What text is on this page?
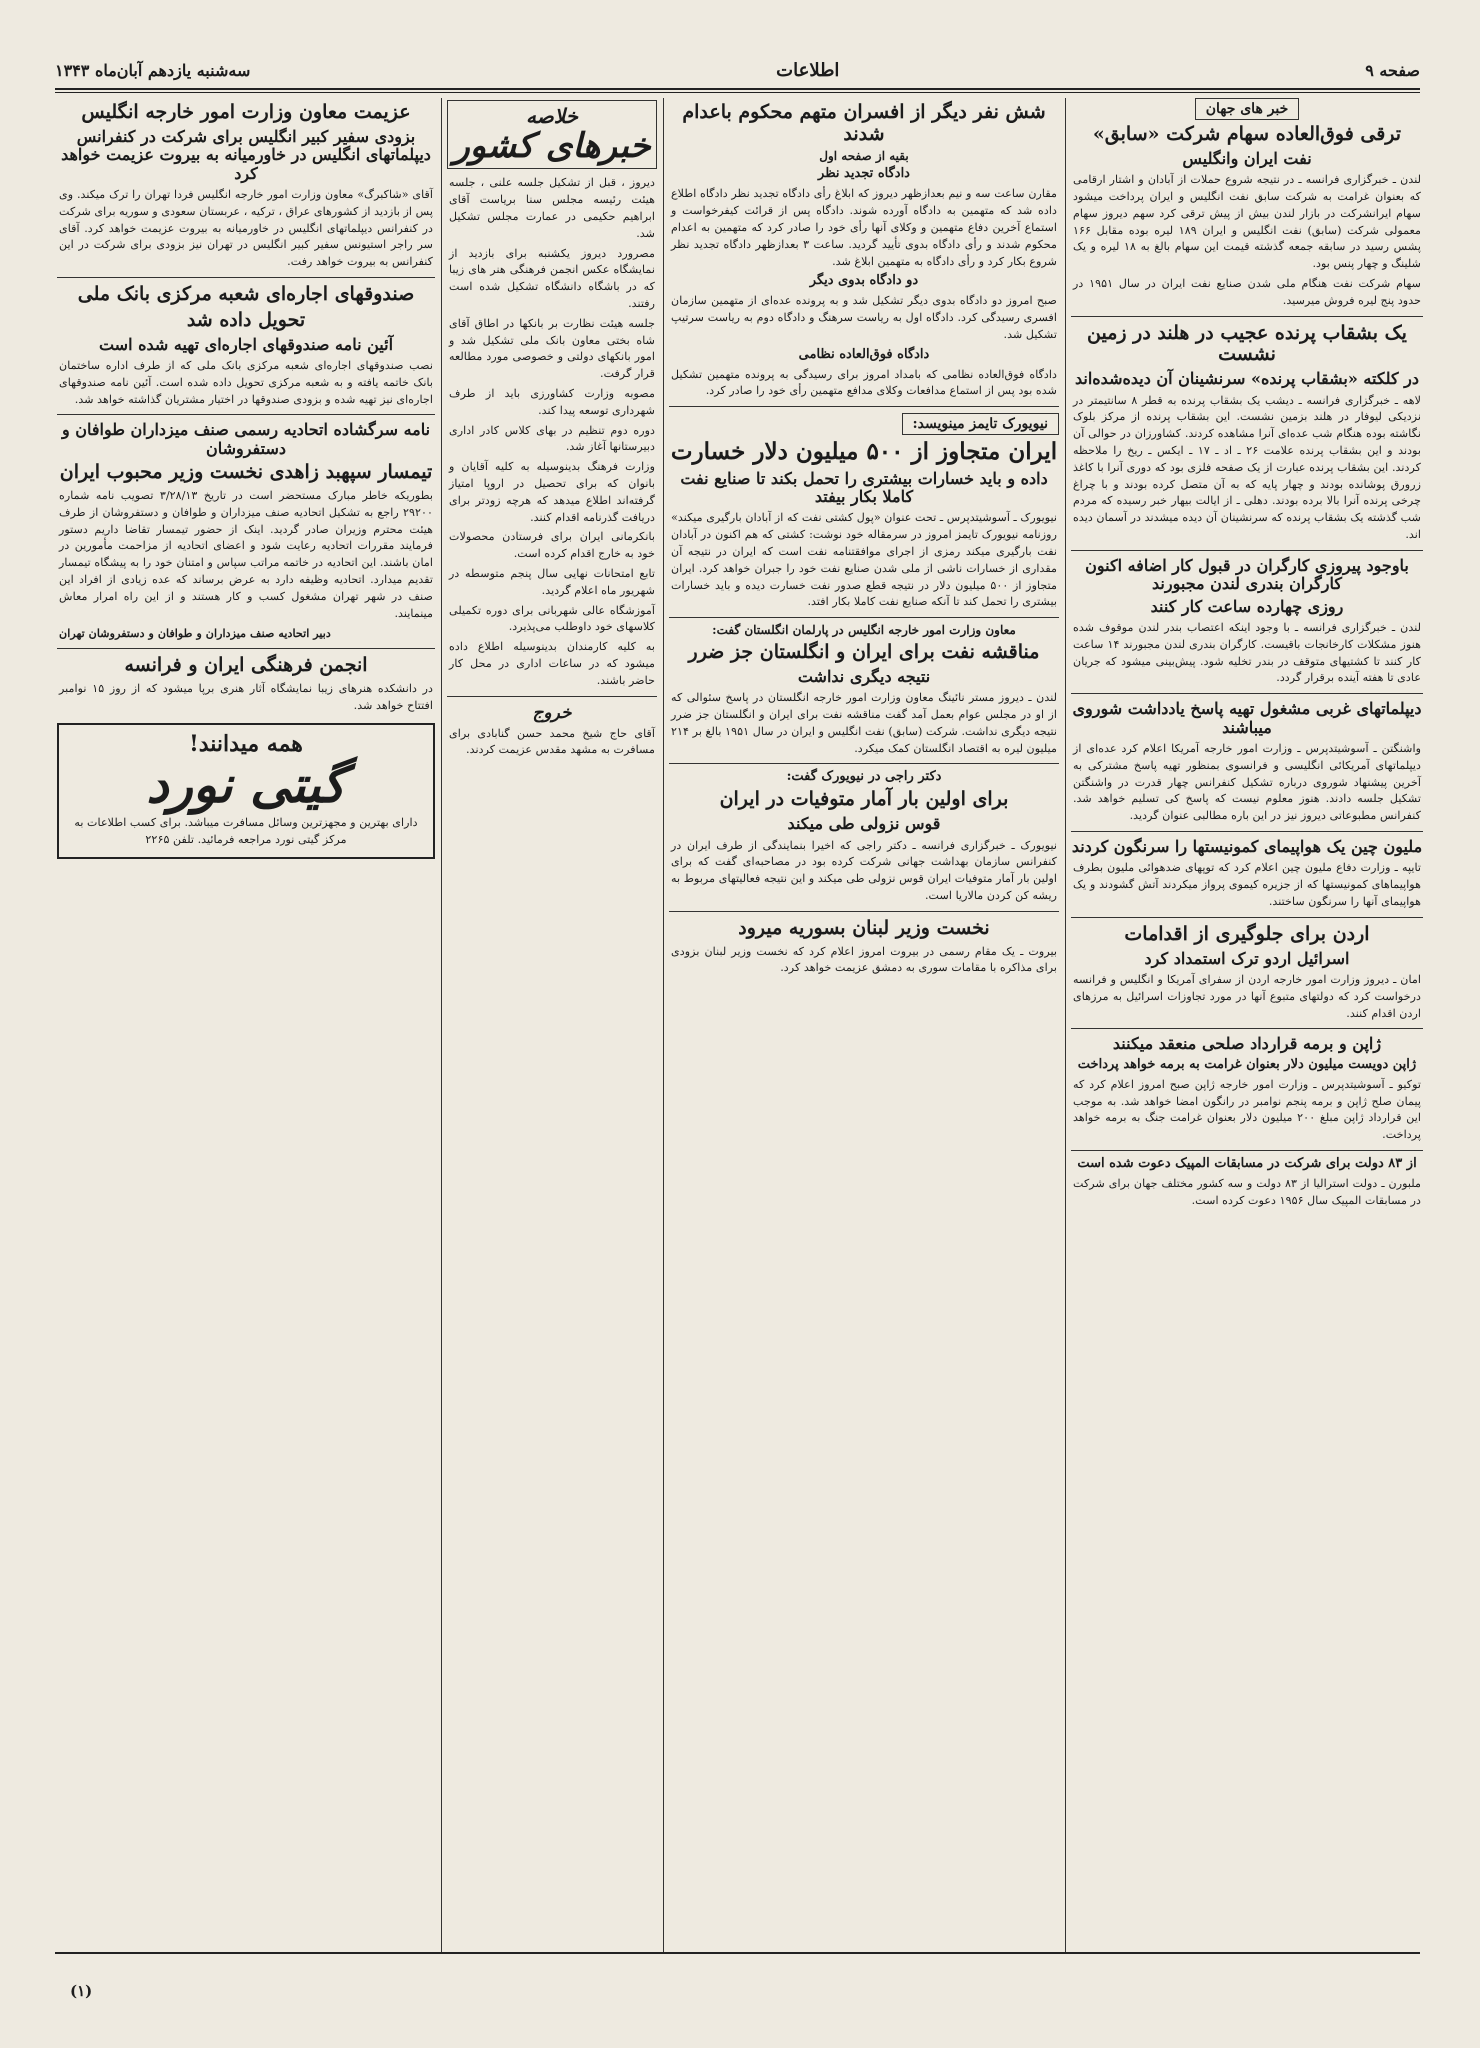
صفحه ۹
اطلاعات
سه‌شنبه یازدهم آبان‌ماه ۱۳۴۳
خبر های جهان
ترقی فوق‌العاده سهام شرکت «سابق»
نفت ایران وانگلیس

لندن ـ خبرگزاری فرانسه ـ در نتیجه شروع حملات از آبادان و اشتار ارقامی که بعنوان غرامت به شرکت سابق نفت انگلیس و ایران پرداخت میشود سهام ایرانشرکت در بازار لندن بیش از پیش ترقی کرد سهم دیروز سهام معمولی شرکت (سابق) نفت انگلیس و ایران ۱۸۹ لیره بوده مقابل ۱۶۶ پشس رسید در سابقه جمعه گذشته قیمت این سهام بالغ به ۱۸ لیره و یک شلینگ و چهار پنس بود.

سهام شرکت نفت هنگام ملی شدن صنایع نفت ایران در سال ۱۹۵۱ در حدود پنج لیره فروش میرسید.

یک بشقاب پرنده عجیب در هلند در زمین نشست
در کلکته «بشقاب پرنده» سرنشینان آن دیده‌شده‌اند

لاهه ـ خبرگزاری فرانسه ـ دیشب یک بشقاب پرنده به قطر ۸ سانتیمتر در نزدیکی لیوفار در هلند بزمین نشست. این بشقاب پرنده از مرکز بلوک نگاشته بوده هنگام شب عده‌ای آنرا مشاهده کردند. کشاورزان در حوالی آن بودند و این بشقاب پرنده علامت ۲۶ ـ اد ـ ۱۷ ـ ایکس ـ ریخ را ملاحظه کردند. این بشقاب پرنده عبارت از یک صفحه فلزی بود که دوری آنرا با کاغذ زرورق پوشانده بودند و چهار پایه که به آن متصل کرده بودند و با چراغ چرخی پرنده آنرا بالا برده بودند. دهلی ـ از ایالت بیهار خبر رسیده که مردم شب گذشته یک بشقاب پرنده که سرنشینان آن دیده میشدند در آسمان دیده اند.

باوجود پیروزی کارگران در قبول کار اضافه اکنون کارگران بندری لندن مجبورند
روزی چهارده ساعت کار کنند

لندن ـ خبرگزاری فرانسه ـ با وجود اینکه اعتصاب بندر لندن موقوف شده هنوز مشکلات کارخانجات باقیست. کارگران بندری لندن مجبورند ۱۴ ساعت کار کنند تا کشتیهای متوقف در بندر تخلیه شود. پیش‌بینی میشود که جریان عادی تا هفته آینده برقرار گردد.

دیپلماتهای غربی مشغول تهیه پاسخ یادداشت شوروی میباشند

واشنگتن ـ آسوشیتدپرس ـ وزارت امور خارجه آمریکا اعلام کرد عده‌ای از دیپلماتهای آمریکائی انگلیسی و فرانسوی بمنظور تهیه پاسخ مشترکی به آخرین پیشنهاد شوروی درباره تشکیل کنفرانس چهار قدرت در واشنگتن تشکیل جلسه دادند. هنوز معلوم نیست که پاسخ کی تسلیم خواهد شد. کنفرانس مطبوعاتی دیروز نیز در این باره مطالبی عنوان گردید.

ملیون چین یک هواپیمای کمونیستها را سرنگون کردند

تایپه ـ وزارت دفاع ملیون چین اعلام کرد که توپهای ضدهوائی ملیون بطرف هواپیماهای کمونیستها که از جزیره کیموی پرواز میکردند آتش گشودند و یک هواپیمای آنها را سرنگون ساختند.

اردن برای جلوگیری از اقدامات
اسرائیل اردو ترک استمداد کرد

امان ـ دیروز وزارت امور خارجه اردن از سفرای آمریکا و انگلیس و فرانسه درخواست کرد که دولتهای متبوع آنها در مورد تجاوزات اسرائیل به مرزهای اردن اقدام کنند.

ژاپن و برمه قرارداد صلحی منعقد میکنند
ژاپن دویست میلیون دلار بعنوان غرامت به برمه خواهد پرداخت

توکیو ـ آسوشیتدپرس ـ وزارت امور خارجه ژاپن صبح امروز اعلام کرد که پیمان صلح ژاپن و برمه پنجم نوامبر در رانگون امضا خواهد شد. به موجب این قرارداد ژاپن مبلغ ۲۰۰ میلیون دلار بعنوان غرامت جنگ به برمه خواهد پرداخت.

از ۸۳ دولت برای شرکت در مسابقات المپیک دعوت شده است

ملبورن ـ دولت استرالیا از ۸۳ دولت و سه کشور مختلف جهان برای شرکت در مسابقات المپیک سال ۱۹۵۶ دعوت کرده است.

شش نفر دیگر از افسران متهم محکوم باعدام شدند
بقیه از صفحه اول
دادگاه تجدید نظر

مقارن ساعت سه و نیم بعدازظهر دیروز که ابلاغ رأی دادگاه تجدید نظر دادگاه اطلاع داده شد که متهمین به دادگاه آورده شوند. دادگاه پس از قرائت کیفرخواست و استماع آخرین دفاع متهمین و وکلای آنها رأی خود را صادر کرد که متهمین به اعدام محکوم شدند و رأی دادگاه بدوی تأیید گردید. ساعت ۳ بعدازظهر دادگاه تجدید نظر شروع بکار کرد و رأی دادگاه به متهمین ابلاغ شد.

دو دادگاه بدوی دیگر

صبح امروز دو دادگاه بدوی دیگر تشکیل شد و به پرونده عده‌ای از متهمین سازمان افسری رسیدگی کرد. دادگاه اول به ریاست سرهنگ و دادگاه دوم به ریاست سرتیپ تشکیل شد.

دادگاه فوق‌العاده نظامی

دادگاه فوق‌العاده نظامی که بامداد امروز برای رسیدگی به پرونده متهمین تشکیل شده بود پس از استماع مدافعات وکلای مدافع متهمین رأی خود را صادر کرد.

نیویورک تایمز مینویسد:
ایران متجاوز از ۵۰۰ میلیون دلار خسارت
داده و باید خسارات بیشتری را تحمل بکند تا صنایع نفت کاملا بکار بیفتد

نیویورک ـ آسوشیتدپرس ـ تحت عنوان «پول کشتی نفت که از آبادان بارگیری میکند» روزنامه نیویورک تایمز امروز در سرمقاله خود نوشت: کشتی که هم اکنون در آبادان نفت بارگیری میکند رمزی از اجرای موافقتنامه نفت است که ایران در نتیجه آن مقداری از خسارات ناشی از ملی شدن صنایع نفت خود را جبران خواهد کرد. ایران متجاوز از ۵۰۰ میلیون دلار در نتیجه قطع صدور نفت خسارت دیده و باید خسارات بیشتری را تحمل کند تا آنکه صنایع نفت کاملا بکار افتد.

معاون وزارت امور خارجه انگلیس در پارلمان انگلستان گفت:
مناقشه نفت برای ایران و انگلستان جز ضرر
نتیجه دیگری نداشت

لندن ـ دیروز مستر نائینگ معاون وزارت امور خارجه انگلستان در پاسخ سئوالی که از او در مجلس عوام بعمل آمد گفت مناقشه نفت برای ایران و انگلستان جز ضرر نتیجه دیگری نداشت. شرکت (سابق) نفت انگلیس و ایران در سال ۱۹۵۱ بالغ بر ۲۱۴ میلیون لیره به اقتصاد انگلستان کمک میکرد.

دکتر راجی در نیویورک گفت:
برای اولین بار آمار متوفیات در ایران
قوس نزولی طی میکند

نیویورک ـ خبرگزاری فرانسه ـ دکتر راجی که اخیرا بنمایندگی از طرف ایران در کنفرانس سازمان بهداشت جهانی شرکت کرده بود در مصاحبه‌ای گفت که برای اولین بار آمار متوفیات ایران قوس نزولی طی میکند و این نتیجه فعالیتهای مربوط به ریشه کن کردن مالاریا است.

نخست وزیر لبنان بسوریه میرود

بیروت ـ یک مقام رسمی در بیروت امروز اعلام کرد که نخست وزیر لبنان بزودی برای مذاکره با مقامات سوری به دمشق عزیمت خواهد کرد.

خلاصه
خبرهای کشور

دیروز ، قبل از تشکیل جلسه علنی ، جلسه هیئت رئیسه مجلس سنا بریاست آقای ابراهیم حکیمی در عمارت مجلس تشکیل شد.

مصرورد دیروز یکشنبه برای بازدید از نمایشگاه عکس انجمن فرهنگی هنر های زیبا که در باشگاه دانشگاه تشکیل شده است رفتند.

جلسه هیئت نظارت بر بانکها در اطاق آقای شاه بختی معاون بانک ملی تشکیل شد و امور بانکهای دولتی و خصوصی مورد مطالعه قرار گرفت.

مصوبه وزارت کشاورزی باید از طرف شهرداری توسعه پیدا کند.

دوره دوم تنظیم در بهای کلاس کادر اداری دبیرستانها آغاز شد.

وزارت فرهنگ بدینوسیله به کلیه آقایان و بانوان که برای تحصیل در اروپا امتیاز گرفته‌اند اطلاع میدهد که هرچه زودتر برای دریافت گذرنامه اقدام کنند.

بانکرمانی ایران برای فرستادن محصولات خود به خارج اقدام کرده است.

تابع امتحانات نهایی سال پنجم متوسطه در شهریور ماه اعلام گردید.

آموزشگاه عالی شهربانی برای دوره تکمیلی کلاسهای خود داوطلب می‌پذیرد.

به کلیه کارمندان بدینوسیله اطلاع داده میشود که در ساعات اداری در محل کار حاضر باشند.

خروج

آقای حاج شیخ محمد حسن گنابادی برای مسافرت به مشهد مقدس عزیمت کردند.

عزیمت معاون وزارت امور خارجه انگلیس
بزودی سفیر کبیر انگلیس برای شرکت در کنفرانس دیپلماتهای انگلیس در خاورمیانه به بیروت عزیمت خواهد کرد

آقای «شاکبرگ» معاون وزارت امور خارجه انگلیس فردا تهران را ترک میکند. وی پس از بازدید از کشورهای عراق ، ترکیه ، عربستان سعودی و سوریه برای شرکت در کنفرانس دیپلماتهای انگلیس در خاورمیانه به بیروت عزیمت خواهد کرد. آقای سر راجر استیونس سفیر کبیر انگلیس در تهران نیز بزودی برای شرکت در این کنفرانس به بیروت خواهد رفت.

صندوقهای اجاره‌ای شعبه مرکزی بانک ملی
تحویل داده شد
آئین نامه صندوقهای اجاره‌ای تهیه شده است

نصب صندوقهای اجاره‌ای شعبه مرکزی بانک ملی که از طرف اداره ساختمان بانک خاتمه یافته و به شعبه مرکزی تحویل داده شده است. آئین نامه صندوقهای اجاره‌ای نیز تهیه شده و بزودی صندوقها در اختیار مشتریان گذاشته خواهد شد.

نامه سرگشاده اتحادیه رسمی صنف میزداران طوافان و دستفروشان
تیمسار سپهبد زاهدی نخست وزیر محبوب ایران

بطوریکه خاطر مبارک مستحضر است در تاریخ ۳/۲۸/۱۳ تصویب نامه شماره ۲۹۲۰۰ راجع به تشکیل اتحادیه صنف میزداران و طوافان و دستفروشان از طرف هیئت محترم وزیران صادر گردید. اینک از حضور تیمسار تقاضا داریم دستور فرمایند مقررات اتحادیه رعایت شود و اعضای اتحادیه از مزاحمت مأمورین در امان باشند. این اتحادیه در خاتمه مراتب سپاس و امتنان خود را به پیشگاه تیمسار تقدیم میدارد. اتحادیه وظیفه دارد به عرض برساند که عده زیادی از افراد این صنف در شهر تهران مشغول کسب و کار هستند و از این راه امرار معاش مینمایند.

دبیر اتحادیه صنف میزداران و طوافان و دستفروشان تهران

انجمن فرهنگی ایران و فرانسه

در دانشکده هنرهای زیبا نمایشگاه آثار هنری برپا میشود که از روز ۱۵ نوامبر افتتاح خواهد شد.

همه میدانند!
گیتی نورد

دارای بهترین و مجهزترین وسائل مسافرت میباشد. برای کسب اطلاعات به مرکز گیتی نورد مراجعه فرمائید. تلفن ۲۲۶۵

(۱)
